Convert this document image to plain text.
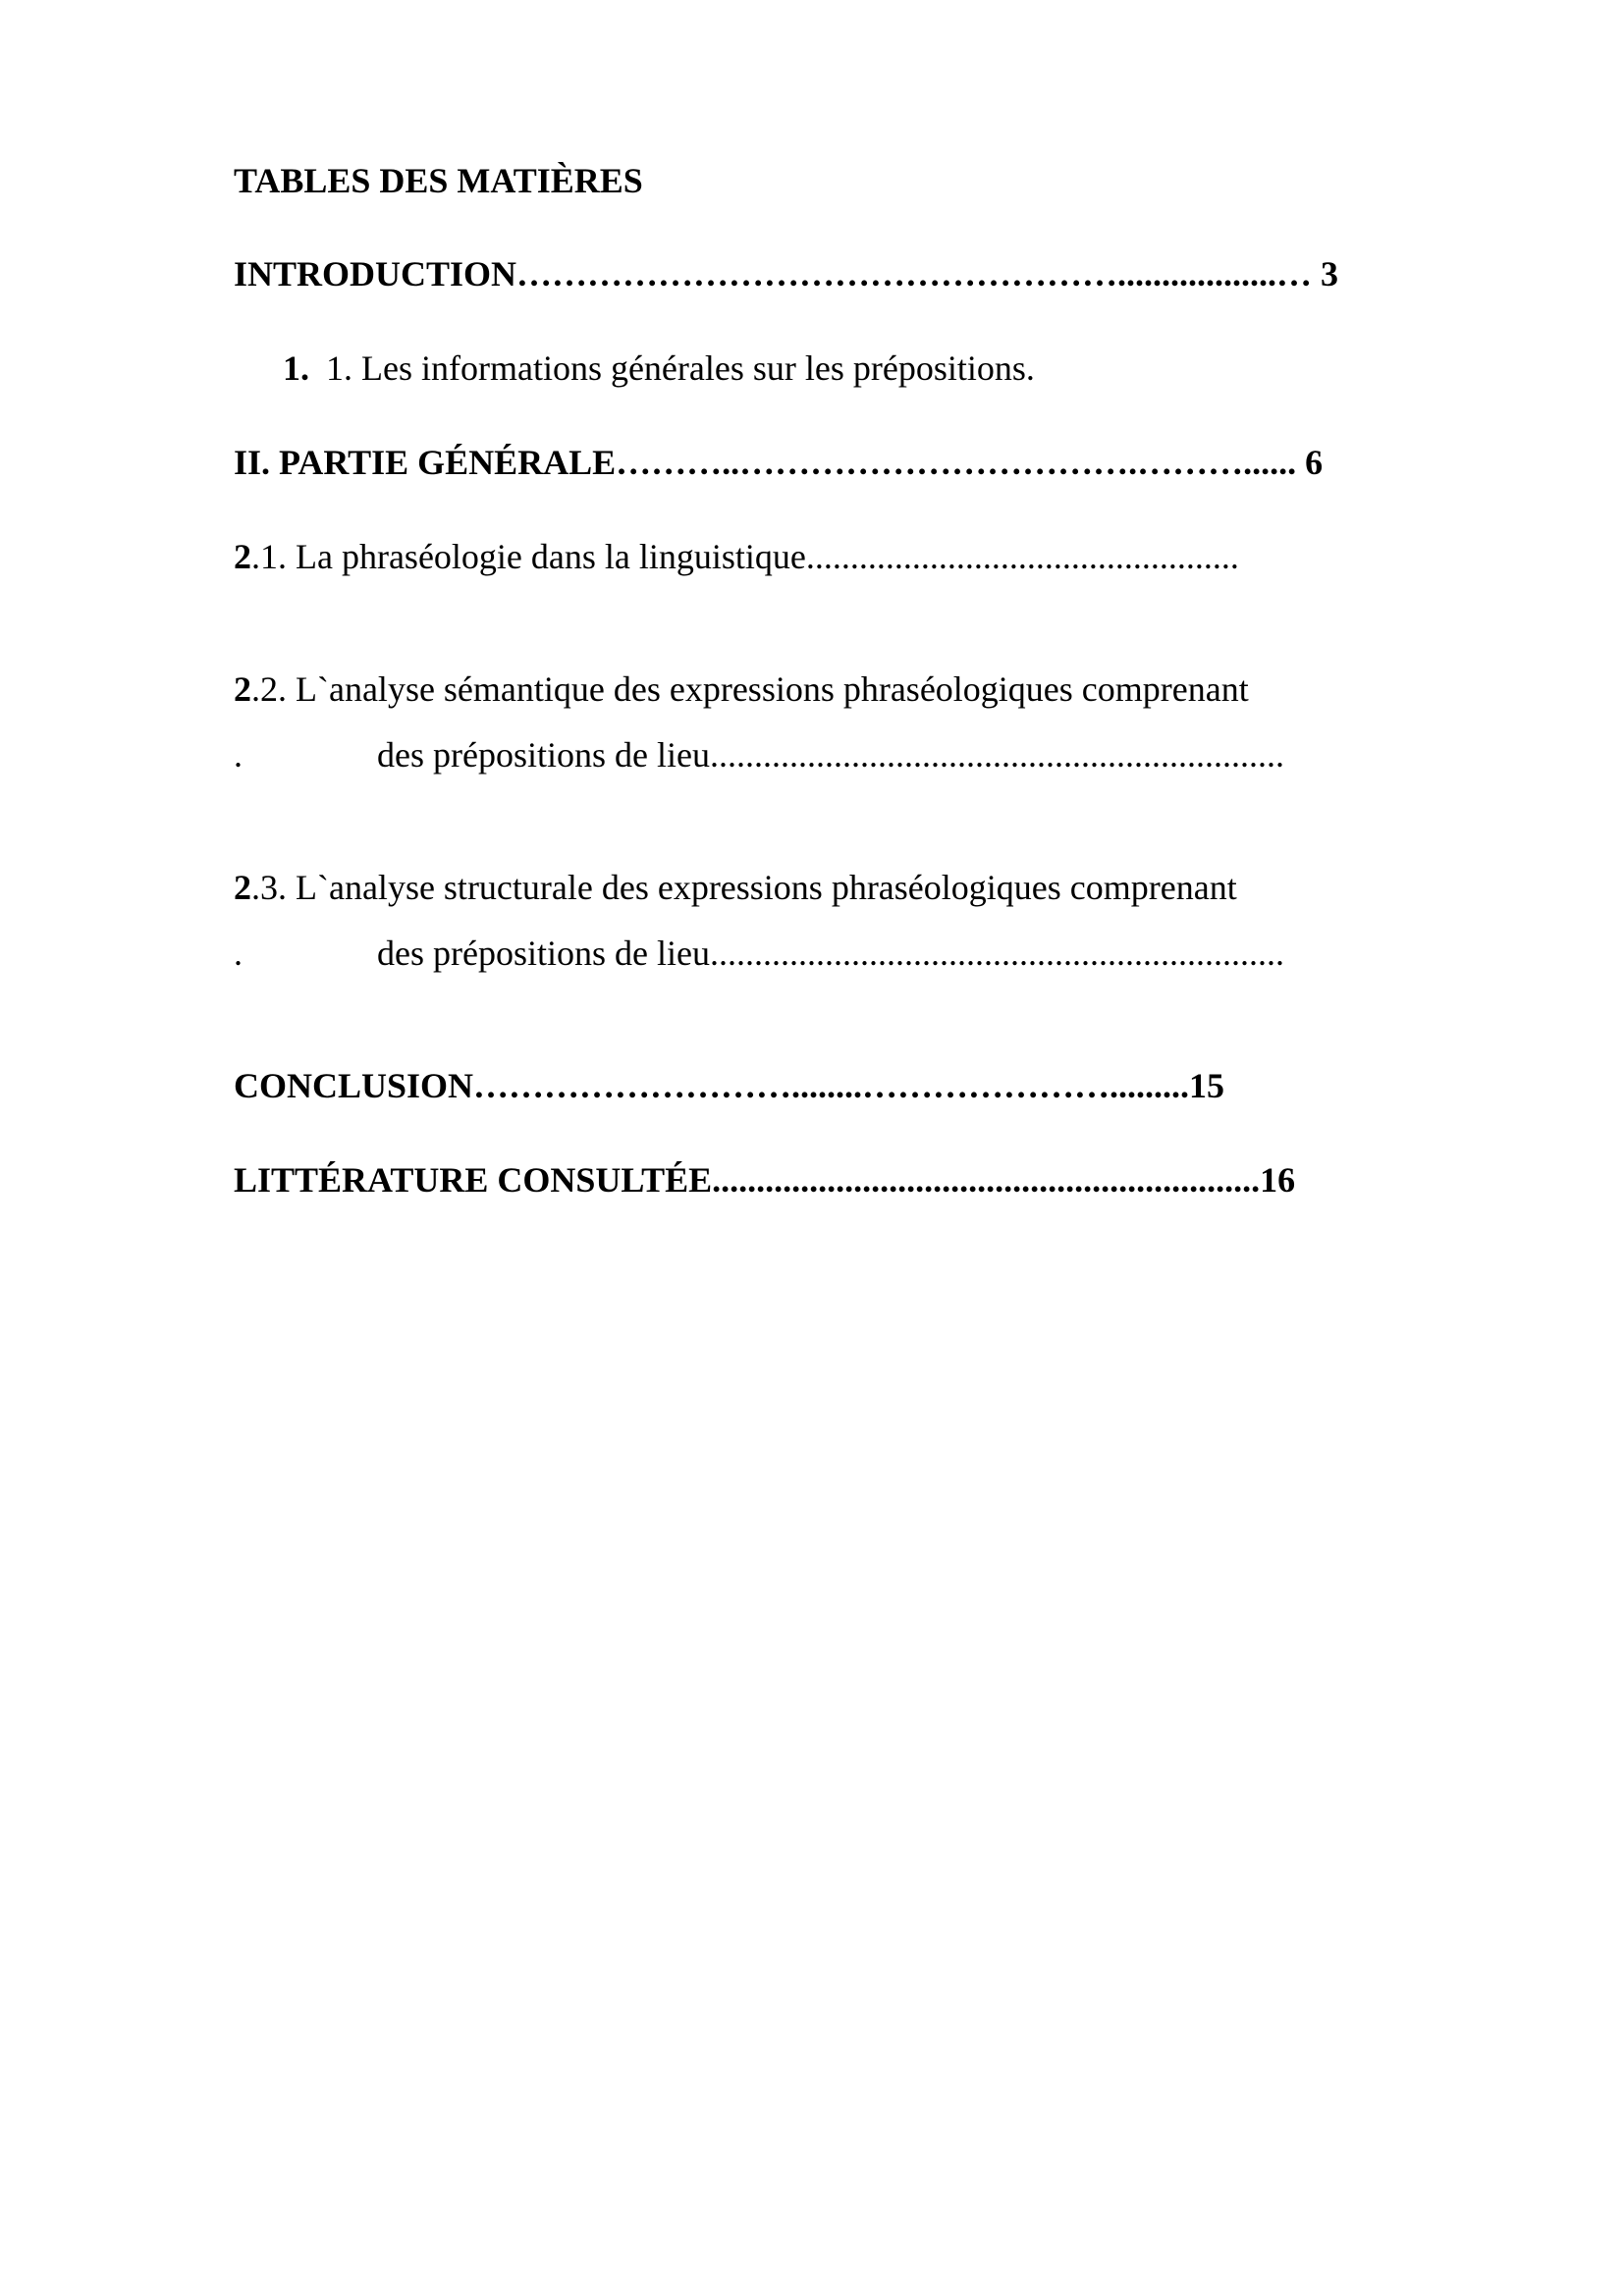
TABLES DES MATIÈRES
INTRODUCTION……………………………………………..................… 3
1. 1. Les informations générales sur les prépositions.
II. PARTIE GÉNÉRALE………..…………………………….………...... 6
2.1. La phraséologie dans la linguistique.................................................
2.2. L`analyse sémantique des expressions phraséologiques comprenant
.	des prépositions de lieu.................................................................
2.3. L`analyse structurale des expressions phraséologiques comprenant
.	des prépositions de lieu.................................................................
CONCLUSION………………………........………………….........15
LITTÉRATURE CONSULTÉE..............................................................16
